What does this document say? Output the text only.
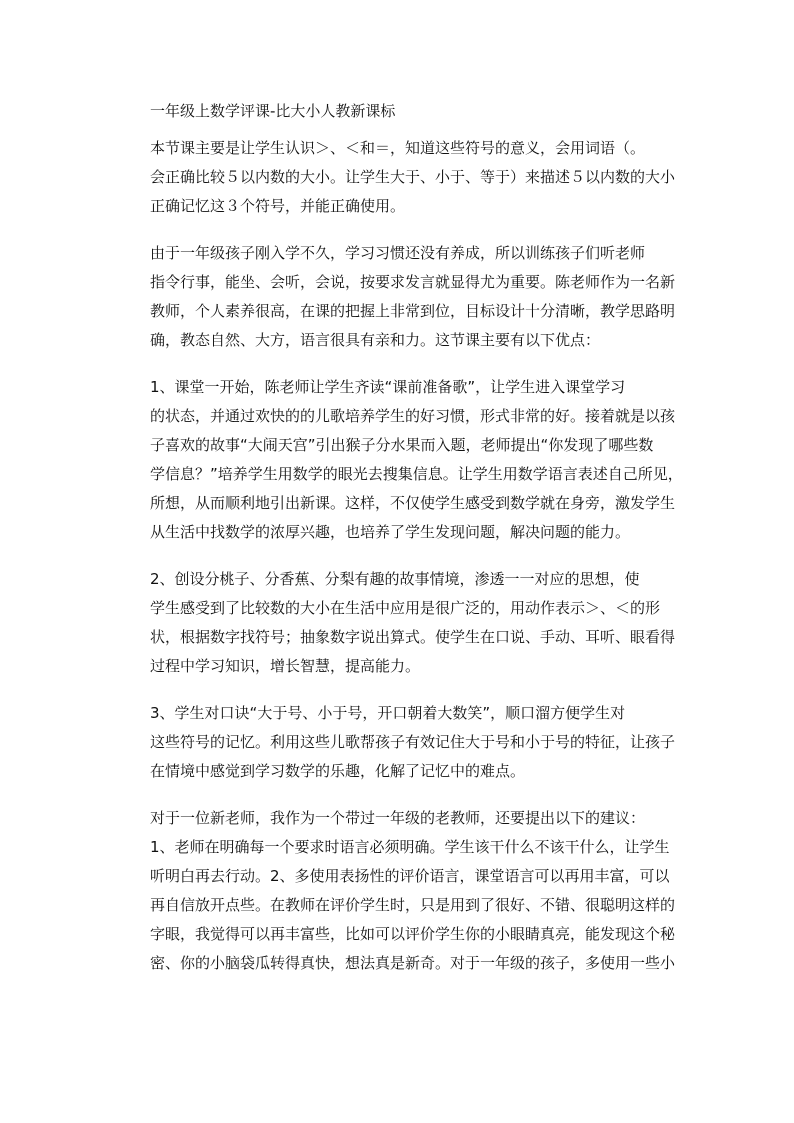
一年级上数学评课-比大小人教新课标
本节课主要是让学生认识＞、＜和＝，知道这些符号的意义，会用词语（。
会正确比较５以内数的大小。让学生大于、小于、等于）来描述５以内数的大小
正确记忆这３个符号，并能正确使用。
由于一年级孩子刚入学不久，学习习惯还没有养成，所以训练孩子们听老师
指令行事，能坐、会听，会说，按要求发言就显得尤为重要。陈老师作为一名新
教师，个人素养很高，在课的把握上非常到位，目标设计十分清晰，教学思路明
确，教态自然、大方，语言很具有亲和力。这节课主要有以下优点：
1、课堂一开始，陈老师让学生齐读“课前准备歌”，让学生进入课堂学习
的状态，并通过欢快的的儿歌培养学生的好习惯，形式非常的好。接着就是以孩
子喜欢的故事“大闹天宫”引出猴子分水果而入题，老师提出“你发现了哪些数
学信息？”培养学生用数学的眼光去搜集信息。让学生用数学语言表述自己所见，
所想，从而顺利地引出新课。这样，不仅使学生感受到数学就在身旁，激发学生
从生活中找数学的浓厚兴趣，也培养了学生发现问题，解决问题的能力。
2、创设分桃子、分香蕉、分梨有趣的故事情境，渗透一一对应的思想，使
学生感受到了比较数的大小在生活中应用是很广泛的，用动作表示＞、＜的形
状，根据数字找符号；抽象数字说出算式。使学生在口说、手动、耳听、眼看得
过程中学习知识，增长智慧，提高能力。
3、学生对口诀“大于号、小于号，开口朝着大数笑”，顺口溜方便学生对
这些符号的记忆。利用这些儿歌帮孩子有效记住大于号和小于号的特征，让孩子
在情境中感觉到学习数学的乐趣，化解了记忆中的难点。
对于一位新老师，我作为一个带过一年级的老教师，还要提出以下的建议：
1、老师在明确每一个要求时语言必须明确。学生该干什么不该干什么，让学生
听明白再去行动。2、多使用表扬性的评价语言，课堂语言可以再用丰富，可以
再自信放开点些。在教师在评价学生时，只是用到了很好、不错、很聪明这样的
字眼，我觉得可以再丰富些，比如可以评价学生你的小眼睛真亮，能发现这个秘
密、你的小脑袋瓜转得真快，想法真是新奇。对于一年级的孩子，多使用一些小
